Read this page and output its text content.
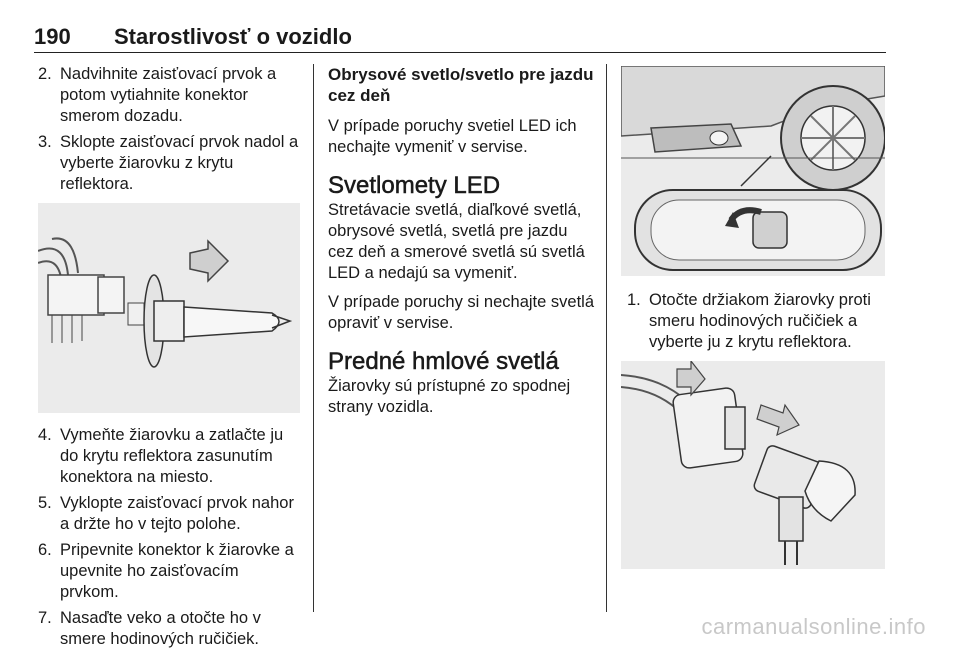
190 Starostlivosť o vozidlo
2. Nadvihnite zaisťovací prvok a potom vytiahnite konektor smerom dozadu.
3. Sklopte zaisťovací prvok nadol a vyberte žiarovku z krytu reflektora.
4. Vymeňte žiarovku a zatlačte ju do krytu reflektora zasunutím konektora na miesto.
5. Vyklopte zaisťovací prvok nahor a držte ho v tejto polohe.
6. Pripevnite konektor k žiarovke a upevnite ho zaisťovacím prvkom.
7. Nasaďte veko a otočte ho v smere hodinových ručičiek.
Obrysové svetlo/svetlo pre jazdu cez deň

V prípade poruchy svetiel LED ich nechajte vymeniť v servise.

Svetlomety LED

Stretávacie svetlá, diaľkové svetlá, obrysové svetlá, svetlá pre jazdu cez deň a smerové svetlá sú svetlá LED a nedajú sa vymeniť.

V prípade poruchy si nechajte svetlá opraviť v servise.

Predné hmlové svetlá

Žiarovky sú prístupné zo spodnej strany vozidla.

1. Otočte držiakom žiarovky proti smeru hodinových ručičiek a vyberte ju z krytu reflektora.
carmanualsonline.info
